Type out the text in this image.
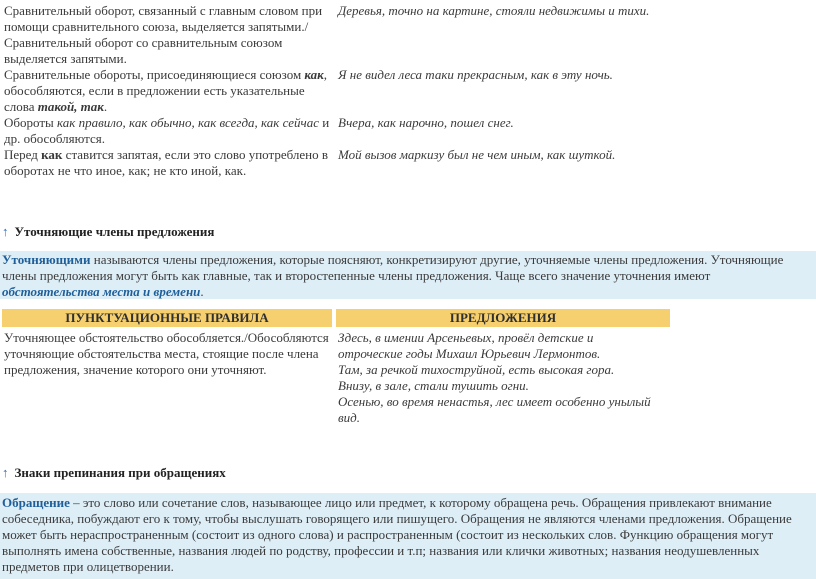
Сравнительный оборот, связанный с главным словом при помощи сравнительного союза, выделяется запятыми./ Сравнительный оборот со сравнительным союзом выделяется запятыми.
Деревья, точно на картине, стояли недвижимы и тихи.
Сравнительные обороты, присоединяющиеся союзом как, обособляются, если в предложении есть указательные слова такой, так.
Я не видел леса таки прекрасным, как в эту ночь.
Обороты как правило, как обычно, как всегда, как сейчас и др. обособляются.
Вчера, как нарочно, пошел снег.
Перед как ставится запятая, если это слово употреблено в оборотах не что иное, как; не кто иной, как.
Мой вызов маркизу был не чем иным, как шуткой.
↑ Уточняющие члены предложения
Уточняющими называются члены предложения, которые поясняют, конкретизируют другие, уточняемые члены предложения. Уточняющие члены предложения могут быть как главные, так и второстепенные члены предложения. Чаще всего значение уточнения имеют обстоятельства места и времени.
ПУНКТУАЦИОННЫЕ ПРАВИЛА	ПРЕДЛОЖЕНИЯ
Уточняющее обстоятельство обособляется./Обособляются уточняющие обстоятельства места, стоящие после члена предложения, значение которого они уточняют.
Здесь, в имении Арсеньевых, провёл детские и отроческие годы Михаил Юрьевич Лермонтов.
Там, за речкой тихоструйной, есть высокая гора.
Внизу, в зале, стали тушить огни.
Осенью, во время ненастья, лес имеет особенно унылый вид.
↑ Знаки препинания при обращениях
Обращение – это слово или сочетание слов, называющее лицо или предмет, к которому обращена речь. Обращения привлекают внимание собеседника, побуждают его к тому, чтобы выслушать говорящего или пишущего. Обращения не являются членами предложения. Обращение может быть нераспространенным (состоит из одного слова) и распространенным (состоит из нескольких слов. Функцию обращения могут выполнять имена собственные, названия людей по родству, профессии и т.п; названия или клички животных; названия неодушевленных предметов при олицетворении.
